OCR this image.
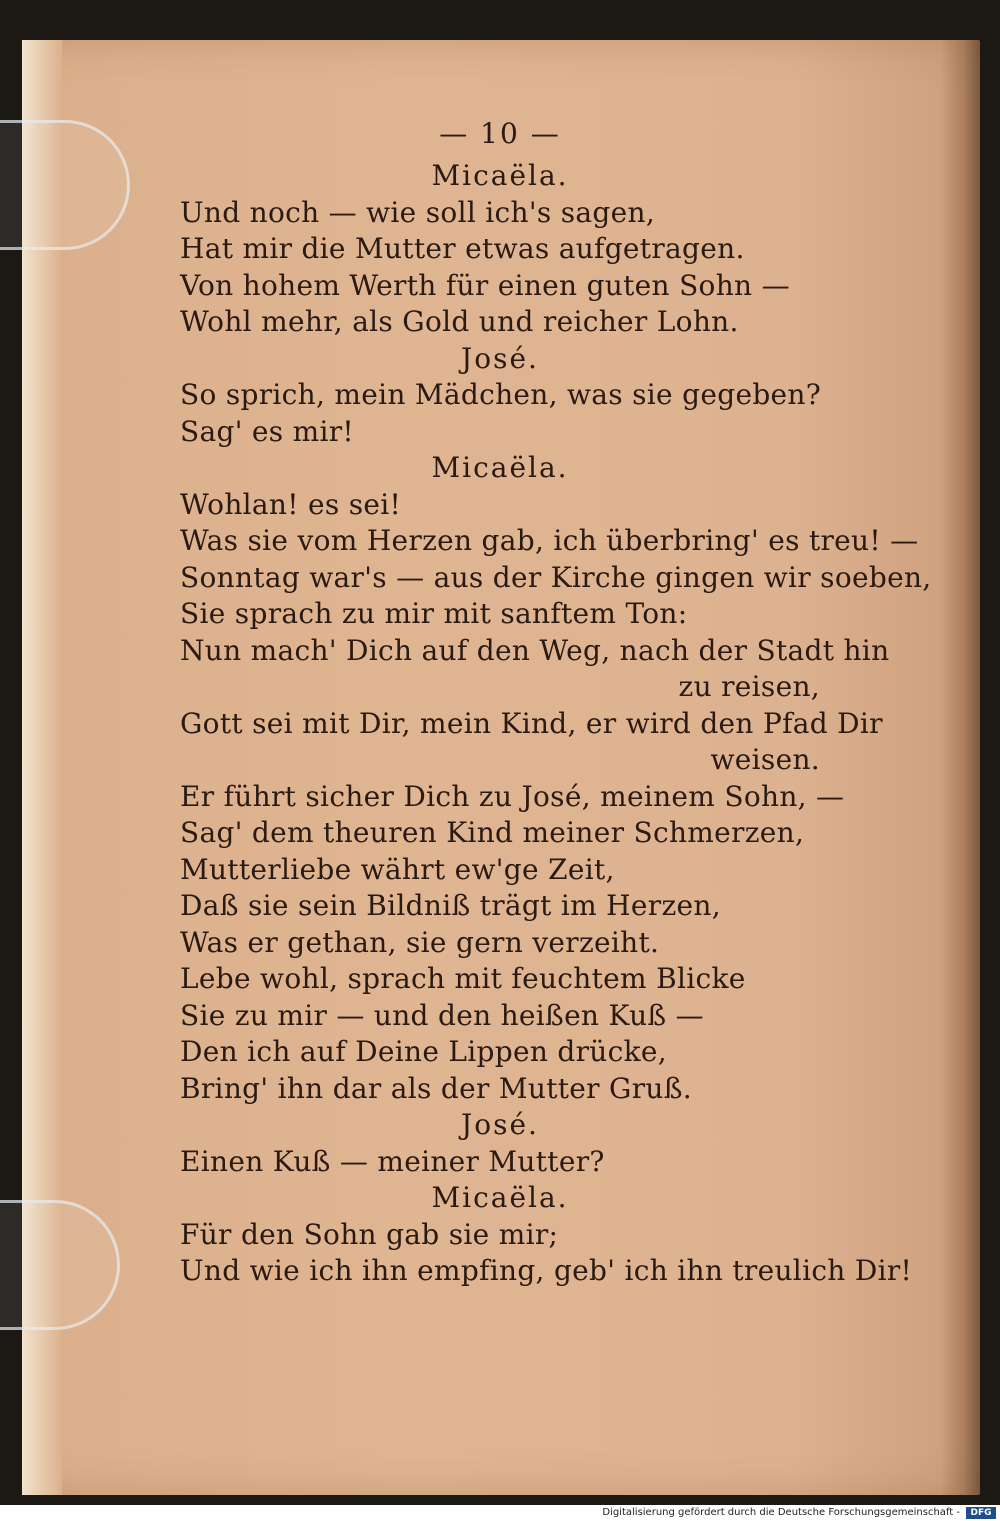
— 10 —
Micaëla.
Und noch — wie soll ich's sagen,
Hat mir die Mutter etwas aufgetragen.
Von hohem Werth für einen guten Sohn —
Wohl mehr, als Gold und reicher Lohn.
José.
So sprich, mein Mädchen, was sie gegeben?
Sag' es mir!
Micaëla.
Wohlan! es sei!
Was sie vom Herzen gab, ich überbring' es treu! —
Sonntag war's — aus der Kirche gingen wir soeben,
Sie sprach zu mir mit sanftem Ton:
Nun mach' Dich auf den Weg, nach der Stadt hin
zu reisen,
Gott sei mit Dir, mein Kind, er wird den Pfad Dir
weisen.
Er führt sicher Dich zu José, meinem Sohn, —
Sag' dem theuren Kind meiner Schmerzen,
Mutterliebe währt ew'ge Zeit,
Daß sie sein Bildniß trägt im Herzen,
Was er gethan, sie gern verzeiht.
Lebe wohl, sprach mit feuchtem Blicke
Sie zu mir — und den heißen Kuß —
Den ich auf Deine Lippen drücke,
Bring' ihn dar als der Mutter Gruß.
José.
Einen Kuß — meiner Mutter?
Micaëla.
Für den Sohn gab sie mir;
Und wie ich ihn empfing, geb' ich ihn treulich Dir!
Digitalisierung gefördert durch die Deutsche Forschungsgemeinschaft -	DFG
